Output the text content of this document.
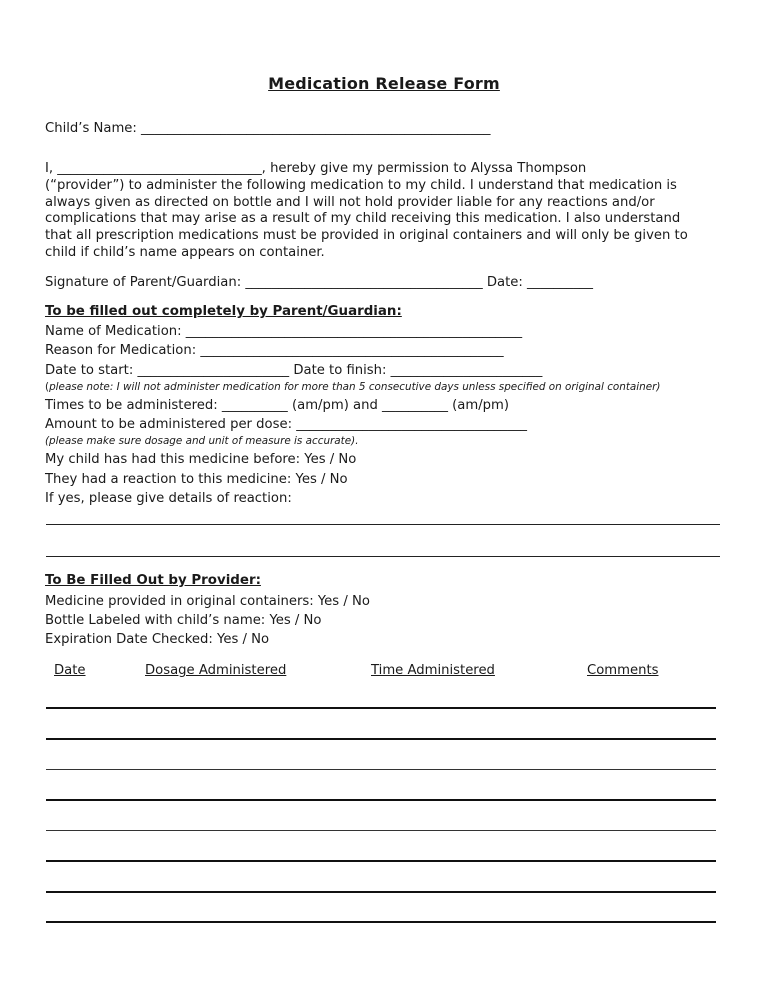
Medication Release Form
Child’s Name: _____________________________________________________
I, _______________________________, hereby give my permission to Alyssa Thompson
(“provider”) to administer the following medication to my child. I understand that medication is
always given as directed on bottle and I will not hold provider liable for any reactions and/or
complications that may arise as a result of my child receiving this medication. I also understand
that all prescription medications must be provided in original containers and will only be given to
child if child’s name appears on container.
Signature of Parent/Guardian: ____________________________________ Date: __________
To be filled out completely by Parent/Guardian:
Name of Medication: ___________________________________________________
Reason for Medication: ______________________________________________
Date to start: _______________________ Date to finish: _______________________
(please note: I will not administer medication for more than 5 consecutive days unless specified on original container)
Times to be administered: __________ (am/pm) and __________ (am/pm)
Amount to be administered per dose: ___________________________________
(please make sure dosage and unit of measure is accurate).
My child has had this medicine before: Yes / No
They had a reaction to this medicine: Yes / No
If yes, please give details of reaction:
To Be Filled Out by Provider:
Medicine provided in original containers: Yes / No
Bottle Labeled with child’s name: Yes / No
Expiration Date Checked: Yes / No
Date	Dosage Administered	Time Administered	Comments
